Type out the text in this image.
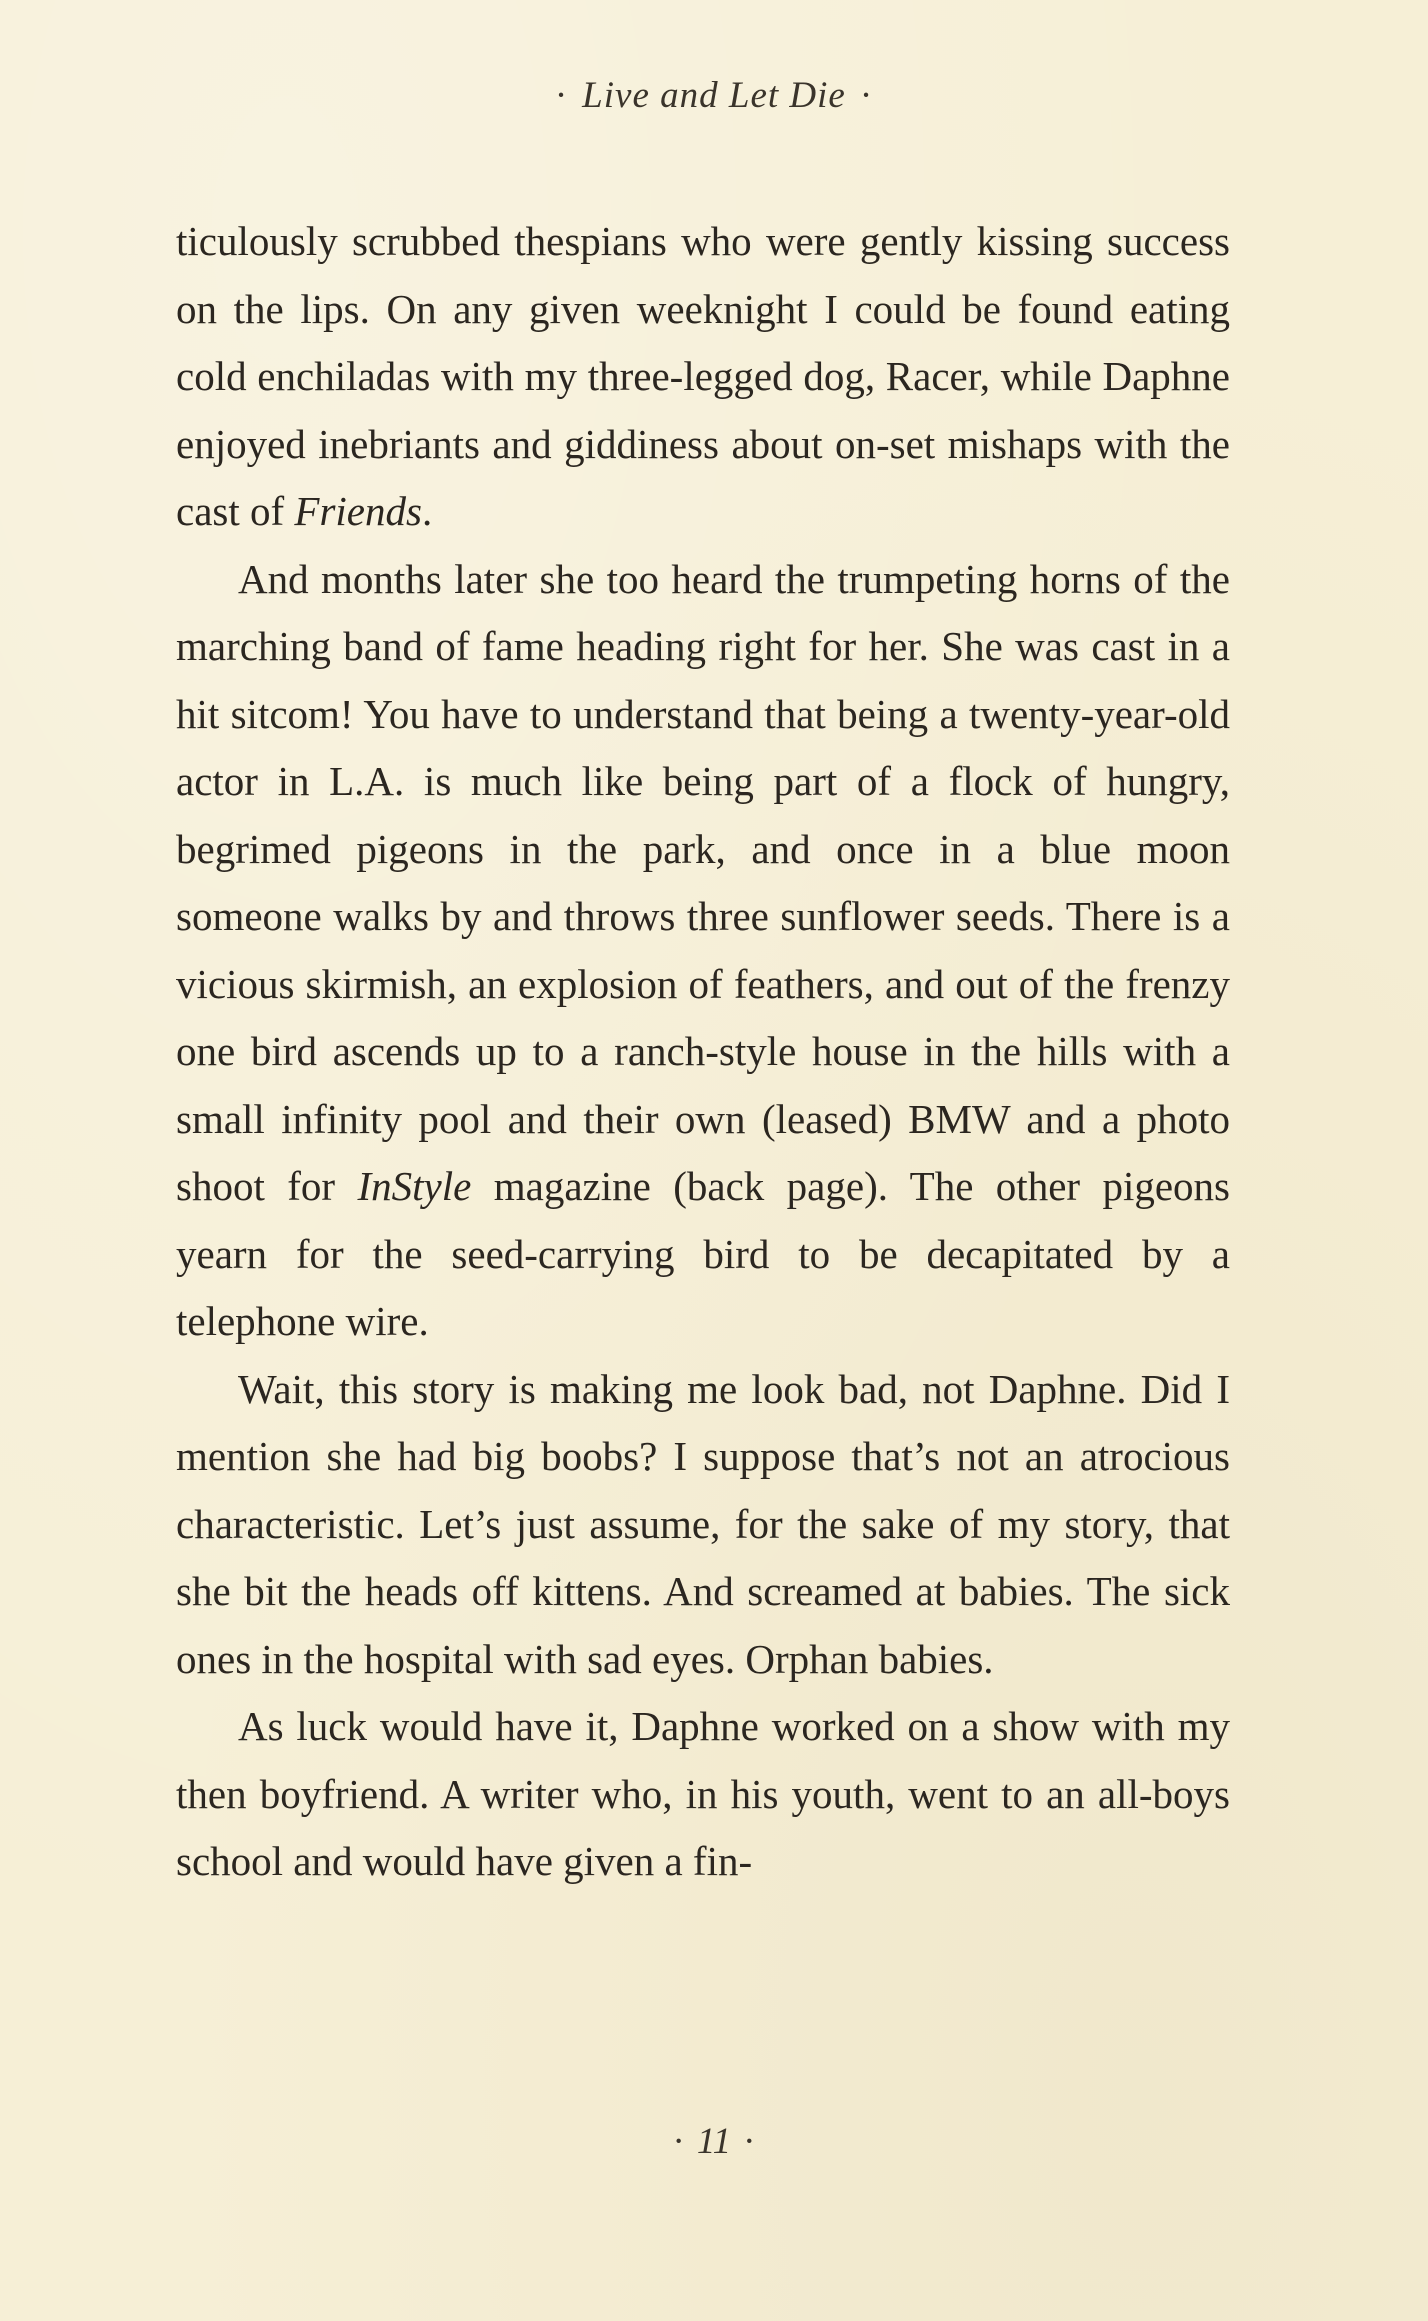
· Live and Let Die ·

ticulously scrubbed thespians who were gently kissing success on the lips. On any given weeknight I could be found eating cold enchiladas with my three-legged dog, Racer, while Daphne enjoyed inebriants and giddiness about on-set mishaps with the cast of Friends.

And months later she too heard the trumpeting horns of the marching band of fame heading right for her. She was cast in a hit sitcom! You have to understand that being a twenty-year-old actor in L.A. is much like being part of a flock of hungry, begrimed pigeons in the park, and once in a blue moon someone walks by and throws three sunflower seeds. There is a vicious skirmish, an explosion of feathers, and out of the frenzy one bird ascends up to a ranch-style house in the hills with a small infinity pool and their own (leased) BMW and a photo shoot for InStyle magazine (back page). The other pigeons yearn for the seed-carrying bird to be decapitated by a telephone wire.

Wait, this story is making me look bad, not Daphne. Did I mention she had big boobs? I suppose that’s not an atrocious characteristic. Let’s just assume, for the sake of my story, that she bit the heads off kittens. And screamed at babies. The sick ones in the hospital with sad eyes. Orphan babies.

As luck would have it, Daphne worked on a show with my then boyfriend. A writer who, in his youth, went to an all-boys school and would have given a fin-

· 11 ·
